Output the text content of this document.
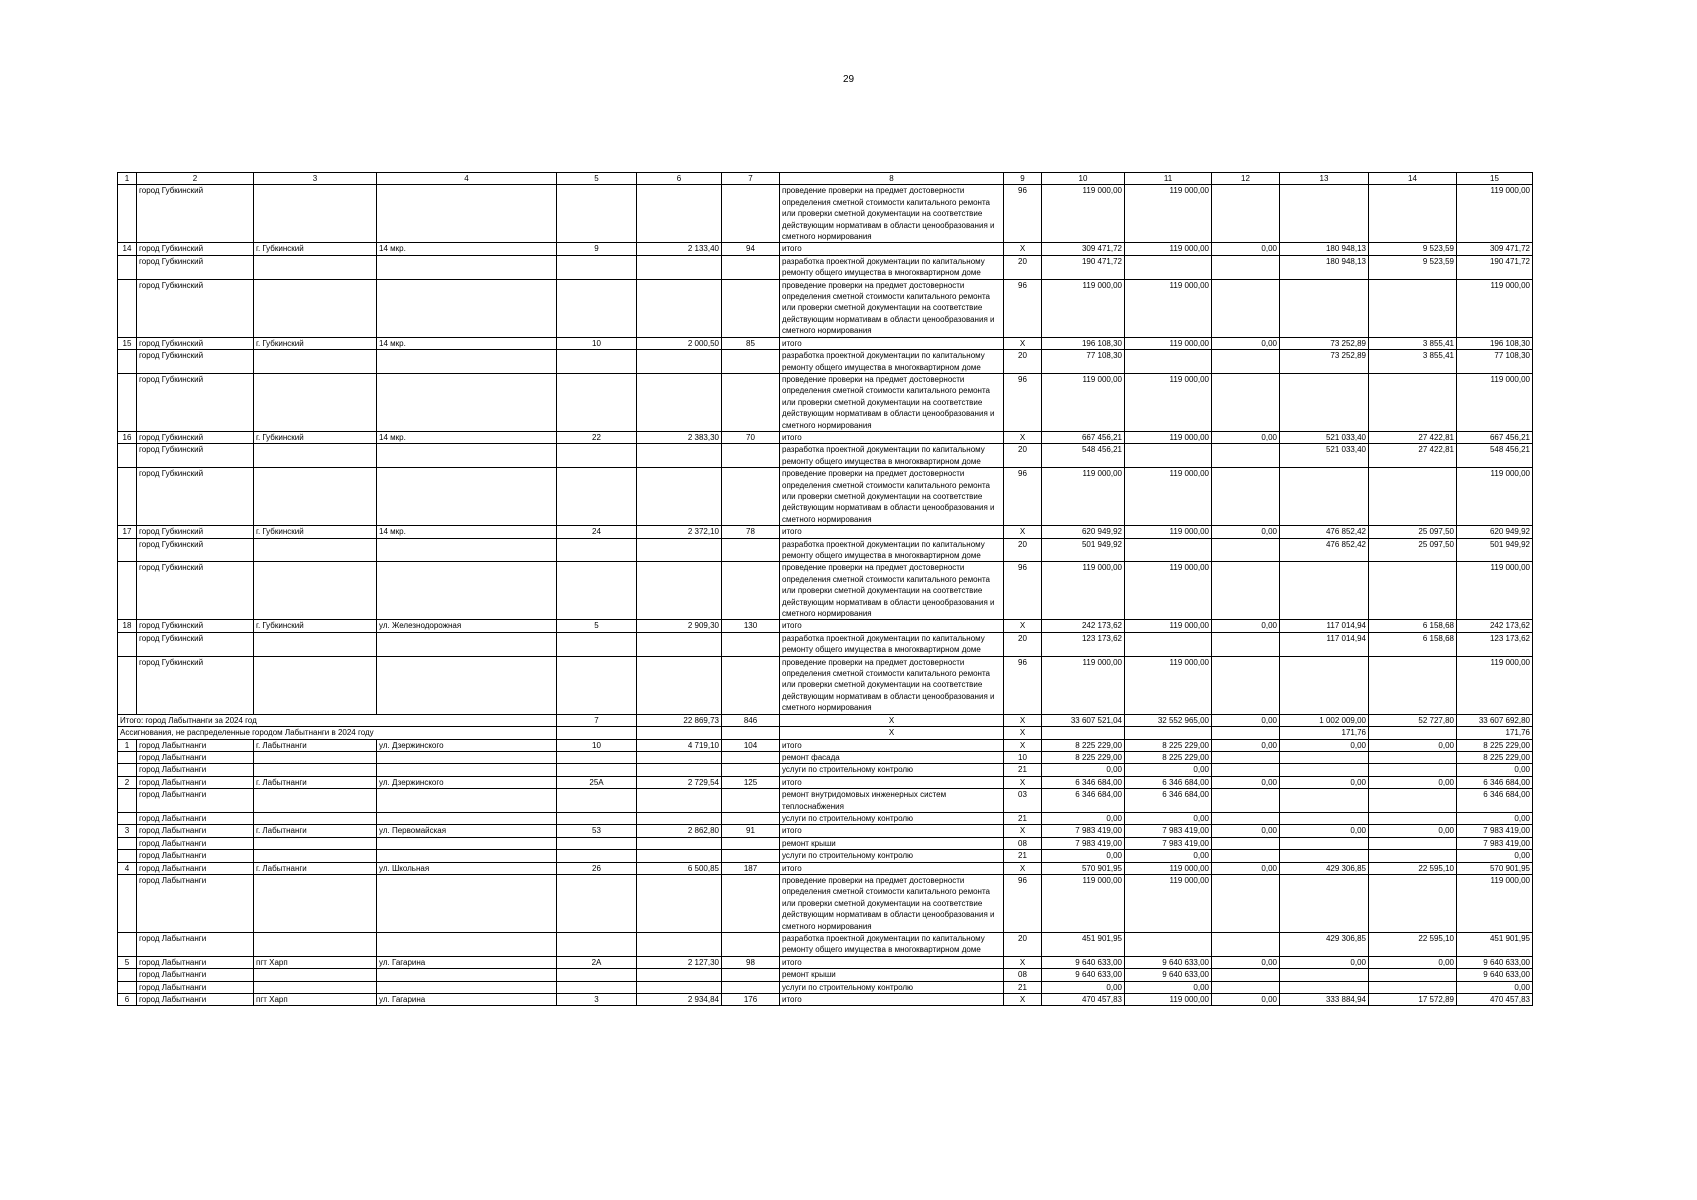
29
1	2	3	4	5	6	7	8	9	10	11	12	13	14	15
	город Губкинский						проведение проверки на предмет достоверности определения сметной стоимости капитального ремонта или проверки сметной документации на соответствие действующим нормативам в области ценообразования и сметного нормирования	96	119 000,00	119 000,00				119 000,00
14	город Губкинский	г. Губкинский	14 мкр.	9	2 133,40	94	итого	X	309 471,72	119 000,00	0,00	180 948,13	9 523,59	309 471,72
	город Губкинский						разработка проектной документации по капитальному ремонту общего имущества в многоквартирном доме	20	190 471,72			180 948,13	9 523,59	190 471,72
	город Губкинский						проведение проверки на предмет достоверности определения сметной стоимости капитального ремонта или проверки сметной документации на соответствие действующим нормативам в области ценообразования и сметного нормирования	96	119 000,00	119 000,00				119 000,00
15	город Губкинский	г. Губкинский	14 мкр.	10	2 000,50	85	итого	X	196 108,30	119 000,00	0,00	73 252,89	3 855,41	196 108,30
	город Губкинский						разработка проектной документации по капитальному ремонту общего имущества в многоквартирном доме	20	77 108,30			73 252,89	3 855,41	77 108,30
	город Губкинский						проведение проверки на предмет достоверности определения сметной стоимости капитального ремонта или проверки сметной документации на соответствие действующим нормативам в области ценообразования и сметного нормирования	96	119 000,00	119 000,00				119 000,00
16	город Губкинский	г. Губкинский	14 мкр.	22	2 383,30	70	итого	X	667 456,21	119 000,00	0,00	521 033,40	27 422,81	667 456,21
	город Губкинский						разработка проектной документации по капитальному ремонту общего имущества в многоквартирном доме	20	548 456,21			521 033,40	27 422,81	548 456,21
	город Губкинский						проведение проверки на предмет достоверности определения сметной стоимости капитального ремонта или проверки сметной документации на соответствие действующим нормативам в области ценообразования и сметного нормирования	96	119 000,00	119 000,00				119 000,00
17	город Губкинский	г. Губкинский	14 мкр.	24	2 372,10	78	итого	X	620 949,92	119 000,00	0,00	476 852,42	25 097,50	620 949,92
	город Губкинский						разработка проектной документации по капитальному ремонту общего имущества в многоквартирном доме	20	501 949,92			476 852,42	25 097,50	501 949,92
	город Губкинский						проведение проверки на предмет достоверности определения сметной стоимости капитального ремонта или проверки сметной документации на соответствие действующим нормативам в области ценообразования и сметного нормирования	96	119 000,00	119 000,00				119 000,00
18	город Губкинский	г. Губкинский	ул. Железнодорожная	5	2 909,30	130	итого	X	242 173,62	119 000,00	0,00	117 014,94	6 158,68	242 173,62
	город Губкинский						разработка проектной документации по капитальному ремонту общего имущества в многоквартирном доме	20	123 173,62			117 014,94	6 158,68	123 173,62
	город Губкинский						проведение проверки на предмет достоверности определения сметной стоимости капитального ремонта или проверки сметной документации на соответствие действующим нормативам в области ценообразования и сметного нормирования	96	119 000,00	119 000,00				119 000,00
Итого: город Лабытнанги за 2024 год				7	22 869,73	846	X	X	33 607 521,04	32 552 965,00	0,00	1 002 009,00	52 727,80	33 607 692,80
Ассигнования, не распределенные городом Лабытнанги в 2024 году							X	X				171,76		171,76
1	город Лабытнанги	г. Лабытнанги	ул. Дзержинского	10	4 719,10	104	итого	X	8 225 229,00	8 225 229,00	0,00	0,00	0,00	8 225 229,00
	город Лабытнанги						ремонт фасада	10	8 225 229,00	8 225 229,00				8 225 229,00
	город Лабытнанги						услуги по строительному контролю	21	0,00	0,00				0,00
2	город Лабытнанги	г. Лабытнанги	ул. Дзержинского	25А	2 729,54	125	итого	X	6 346 684,00	6 346 684,00	0,00	0,00	0,00	6 346 684,00
	город Лабытнанги						ремонт внутридомовых инженерных систем теплоснабжения	03	6 346 684,00	6 346 684,00				6 346 684,00
	город Лабытнанги						услуги по строительному контролю	21	0,00	0,00				0,00
3	город Лабытнанги	г. Лабытнанги	ул. Первомайская	53	2 862,80	91	итого	X	7 983 419,00	7 983 419,00	0,00	0,00	0,00	7 983 419,00
	город Лабытнанги						ремонт крыши	08	7 983 419,00	7 983 419,00				7 983 419,00
	город Лабытнанги						услуги по строительному контролю	21	0,00	0,00				0,00
4	город Лабытнанги	г. Лабытнанги	ул. Школьная	26	6 500,85	187	итого	X	570 901,95	119 000,00	0,00	429 306,85	22 595,10	570 901,95
	город Лабытнанги						проведение проверки на предмет достоверности определения сметной стоимости капитального ремонта или проверки сметной документации на соответствие действующим нормативам в области ценообразования и сметного нормирования	96	119 000,00	119 000,00				119 000,00
	город Лабытнанги						разработка проектной документации по капитальному ремонту общего имущества в многоквартирном доме	20	451 901,95			429 306,85	22 595,10	451 901,95
5	город Лабытнанги	пгт Харп	ул. Гагарина	2А	2 127,30	98	итого	X	9 640 633,00	9 640 633,00	0,00	0,00	0,00	9 640 633,00
	город Лабытнанги						ремонт крыши	08	9 640 633,00	9 640 633,00				9 640 633,00
	город Лабытнанги						услуги по строительному контролю	21	0,00	0,00				0,00
6	город Лабытнанги	пгт Харп	ул. Гагарина	3	2 934,84	176	итого	X	470 457,83	119 000,00	0,00	333 884,94	17 572,89	470 457,83
